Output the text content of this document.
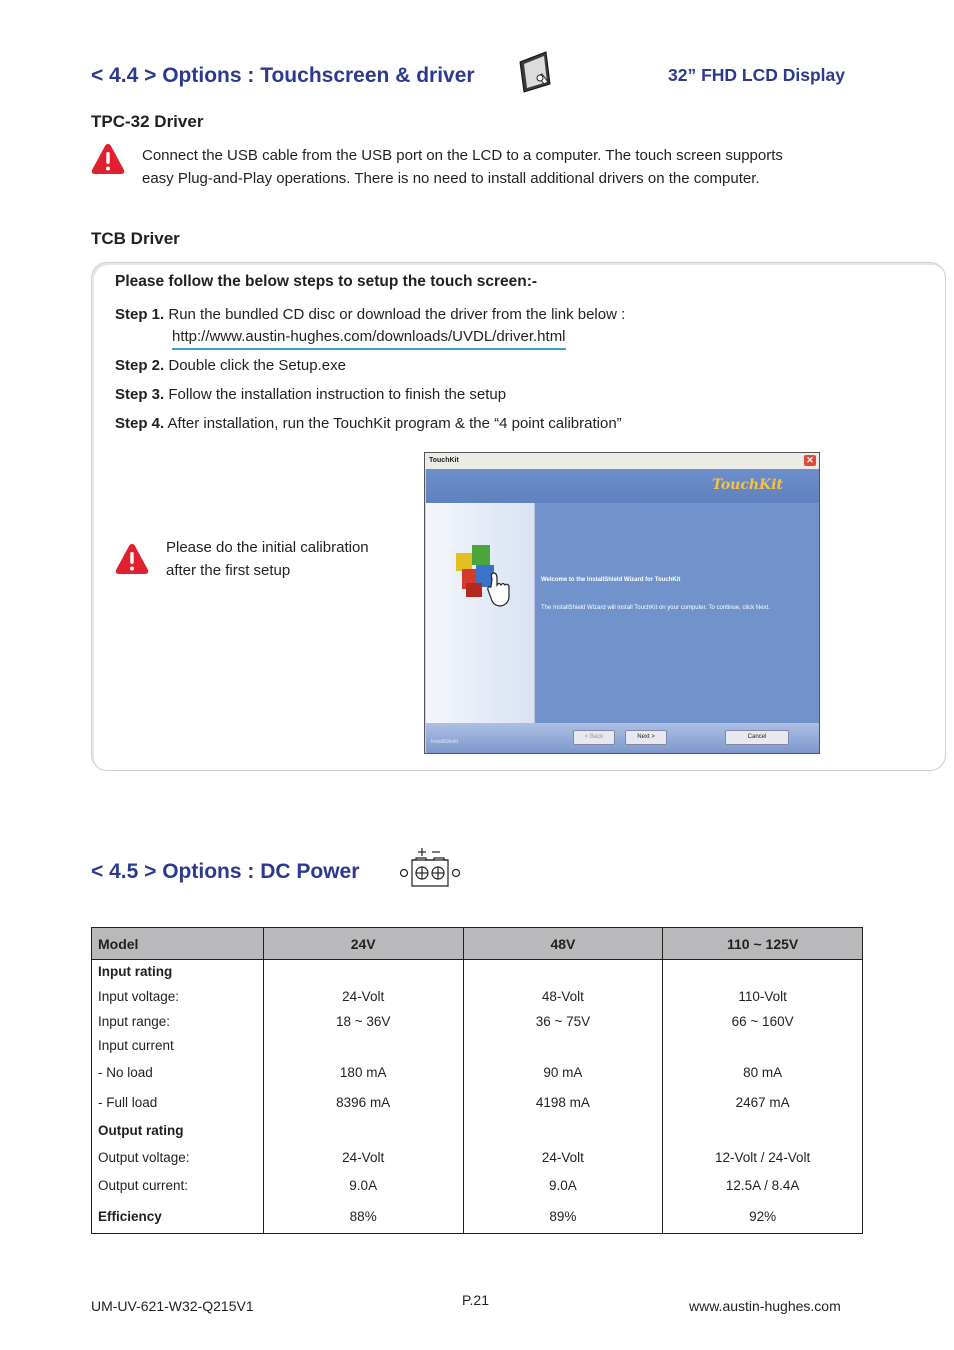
< 4.4 > Options : Touchscreen & driver	32” FHD LCD Display
TPC-32 Driver
Connect the USB cable from the USB port on the LCD to a computer. The touch screen supports
easy Plug-and-Play operations. There is no need to install additional drivers on the computer.
TCB Driver
Please follow the below steps to setup the touch screen:-
Step 1. Run the bundled CD disc or download the driver from the link below :
http://www.austin-hughes.com/downloads/UVDL/driver.html
Step 2. Double click the Setup.exe
Step 3. Follow the installation instruction to finish the setup
Step 4. After installation, run the TouchKit program & the “4 point calibration”
Please do the initial calibration
after the first setup
TouchKit	✕
TouchKit
Welcome to the InstallShield Wizard for TouchKit
The InstallShield Wizard will install TouchKit on your computer. To continue, click Next.
InstallShield
< Back	Next >	Cancel
< 4.5 > Options : DC Power
Model	24V	48V	110 ~ 125V
Input rating			
Input voltage:	24-Volt	48-Volt	110-Volt
Input range:	18 ~ 36V	36 ~ 75V	66 ~ 160V
Input current			
- No load	180 mA	90 mA	80 mA
- Full load	8396 mA	4198 mA	2467 mA
Output rating			
Output voltage:	24-Volt	24-Volt	12-Volt / 24-Volt
Output current:	9.0A	9.0A	12.5A / 8.4A
Efficiency	88%	89%	92%
UM-UV-621-W32-Q215V1	P.21	www.austin-hughes.com
